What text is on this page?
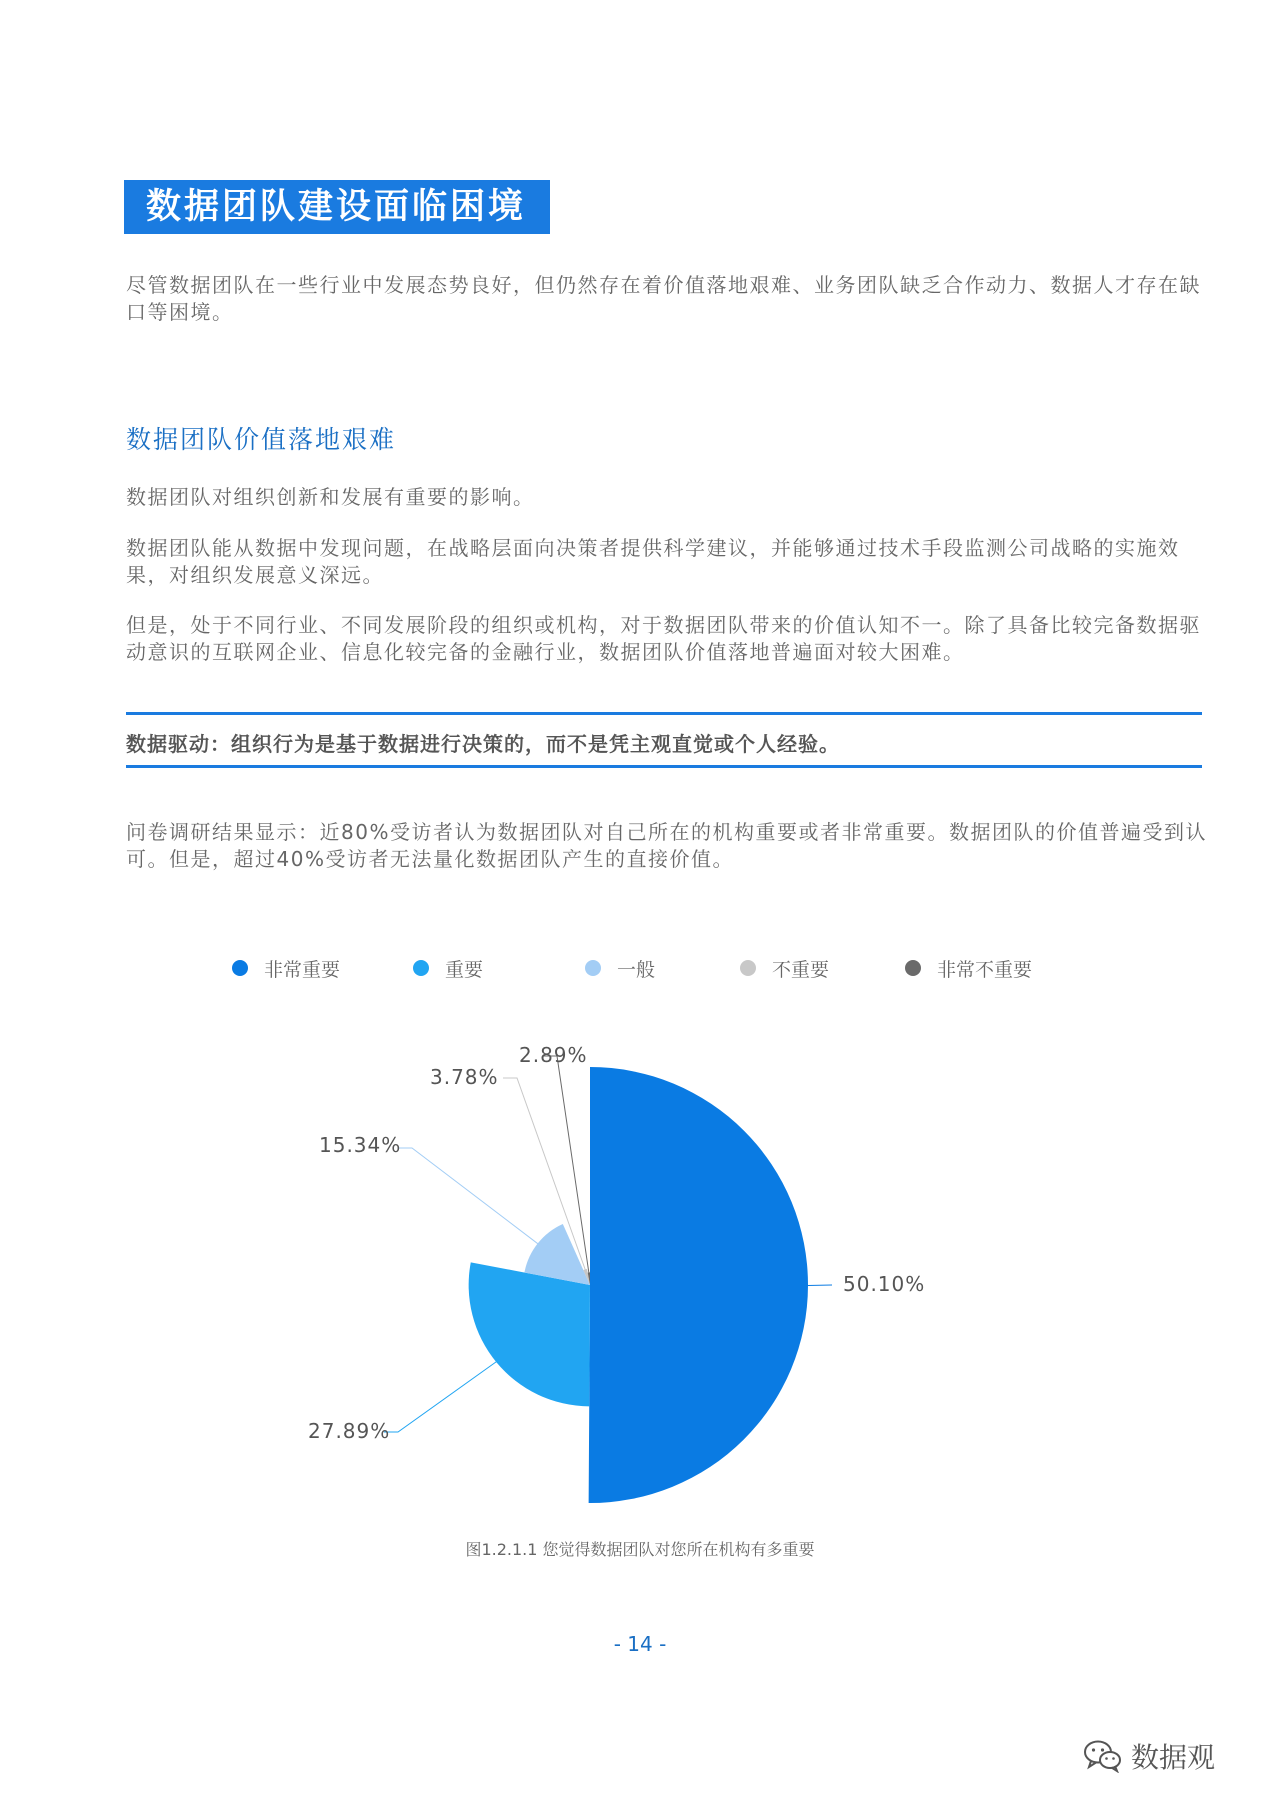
数据团队建设面临困境
尽管数据团队在一些行业中发展态势良好，但仍然存在着价值落地艰难、业务团队缺乏合作动力、数据人才存在缺口等困境。
数据团队价值落地艰难
数据团队对组织创新和发展有重要的影响。
数据团队能从数据中发现问题，在战略层面向决策者提供科学建议，并能够通过技术手段监测公司战略的实施效果，对组织发展意义深远。
但是，处于不同行业、不同发展阶段的组织或机构，对于数据团队带来的价值认知不一。除了具备比较完备数据驱动意识的互联网企业、信息化较完备的金融行业，数据团队价值落地普遍面对较大困难。
数据驱动：组织行为是基于数据进行决策的，而不是凭主观直觉或个人经验。
问卷调研结果显示：近80%受访者认为数据团队对自己所在的机构重要或者非常重要。数据团队的价值普遍受到认可。但是，超过40%受访者无法量化数据团队产生的直接价值。
非常重要	重要	一般	不重要	非常不重要
50.10%
27.89%
15.34%
3.78%
2.89%
图1.2.1.1 您觉得数据团队对您所在机构有多重要
- 14 -
数据观
